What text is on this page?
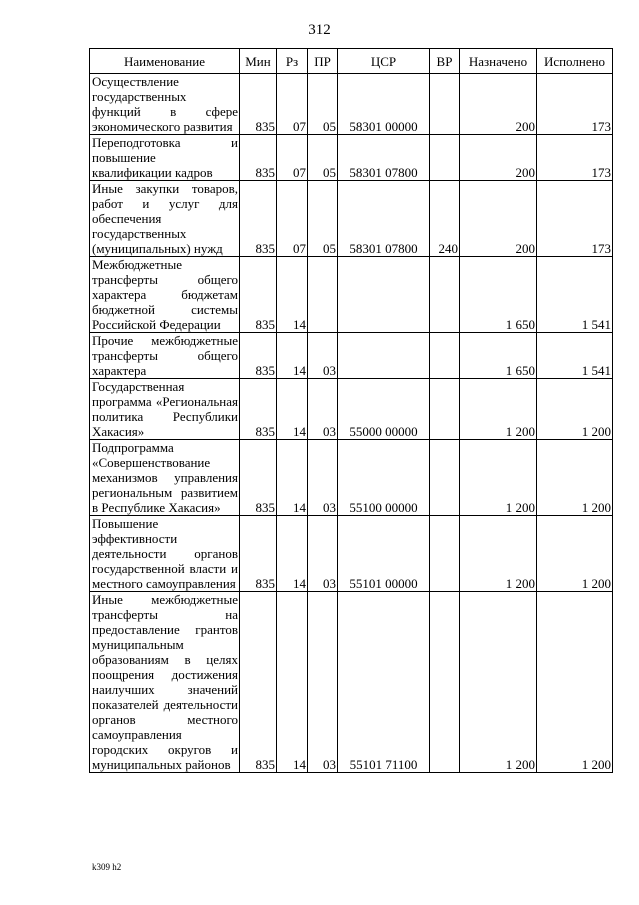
312
Наименование	Мин	Рз	ПР	ЦСР	ВР	Назначено	Исполнено
Осуществление государственных функций в сфере экономического развития	835	07	05	58301 00000		200	173
Переподготовка и повышение квалификации кадров	835	07	05	58301 07800		200	173
Иные закупки товаров, работ и услуг для обеспечения государственных (муниципальных) нужд	835	07	05	58301 07800	240	200	173
Межбюджетные трансферты общего характера бюджетам бюджетной системы Российской Федерации	835	14				1 650	1 541
Прочие межбюджетные трансферты общего характера	835	14	03			1 650	1 541
Государственная программа «Региональная политика Республики Хакасия»	835	14	03	55000 00000		1 200	1 200
Подпрограмма «Совершенствование механизмов управления региональным развитием в Республике Хакасия»	835	14	03	55100 00000		1 200	1 200
Повышение эффективности деятельности органов государственной власти и местного самоуправления	835	14	03	55101 00000		1 200	1 200
Иные межбюджетные трансферты на предоставление грантов муниципальным образованиям в целях поощрения достижения наилучших значений показателей деятельности органов местного самоуправления городских округов и муниципальных районов	835	14	03	55101 71100		1 200	1 200
k309 h2
